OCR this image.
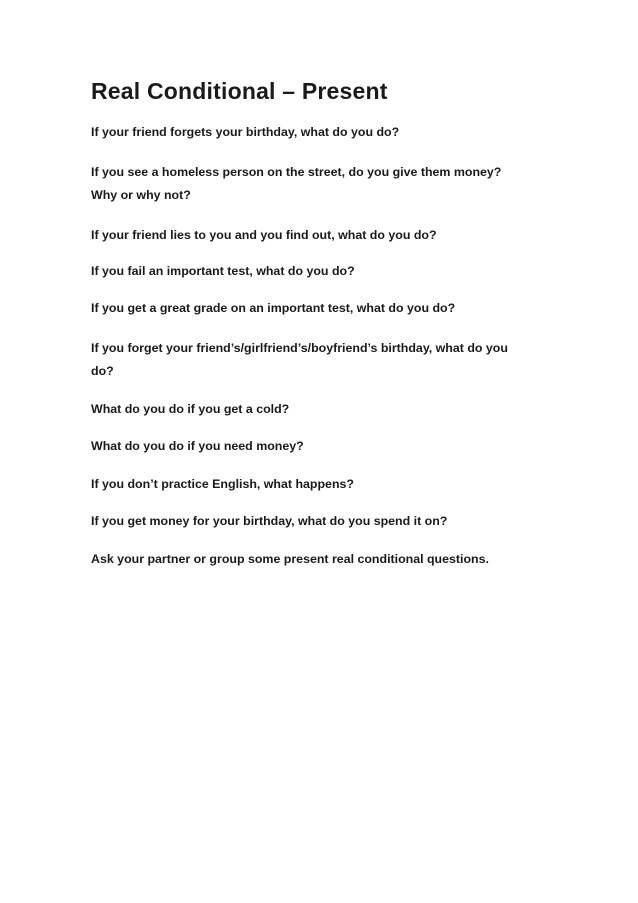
Real Conditional – Present

If your friend forgets your birthday, what do you do?

If you see a homeless person on the street, do you give them money?
Why or why not?

If your friend lies to you and you find out, what do you do?

If you fail an important test, what do you do?

If you get a great grade on an important test, what do you do?

If you forget your friend’s/girlfriend’s/boyfriend’s birthday, what do you
do?

What do you do if you get a cold?

What do you do if you need money?

If you don’t practice English, what happens?

If you get money for your birthday, what do you spend it on?

Ask your partner or group some present real conditional questions.
